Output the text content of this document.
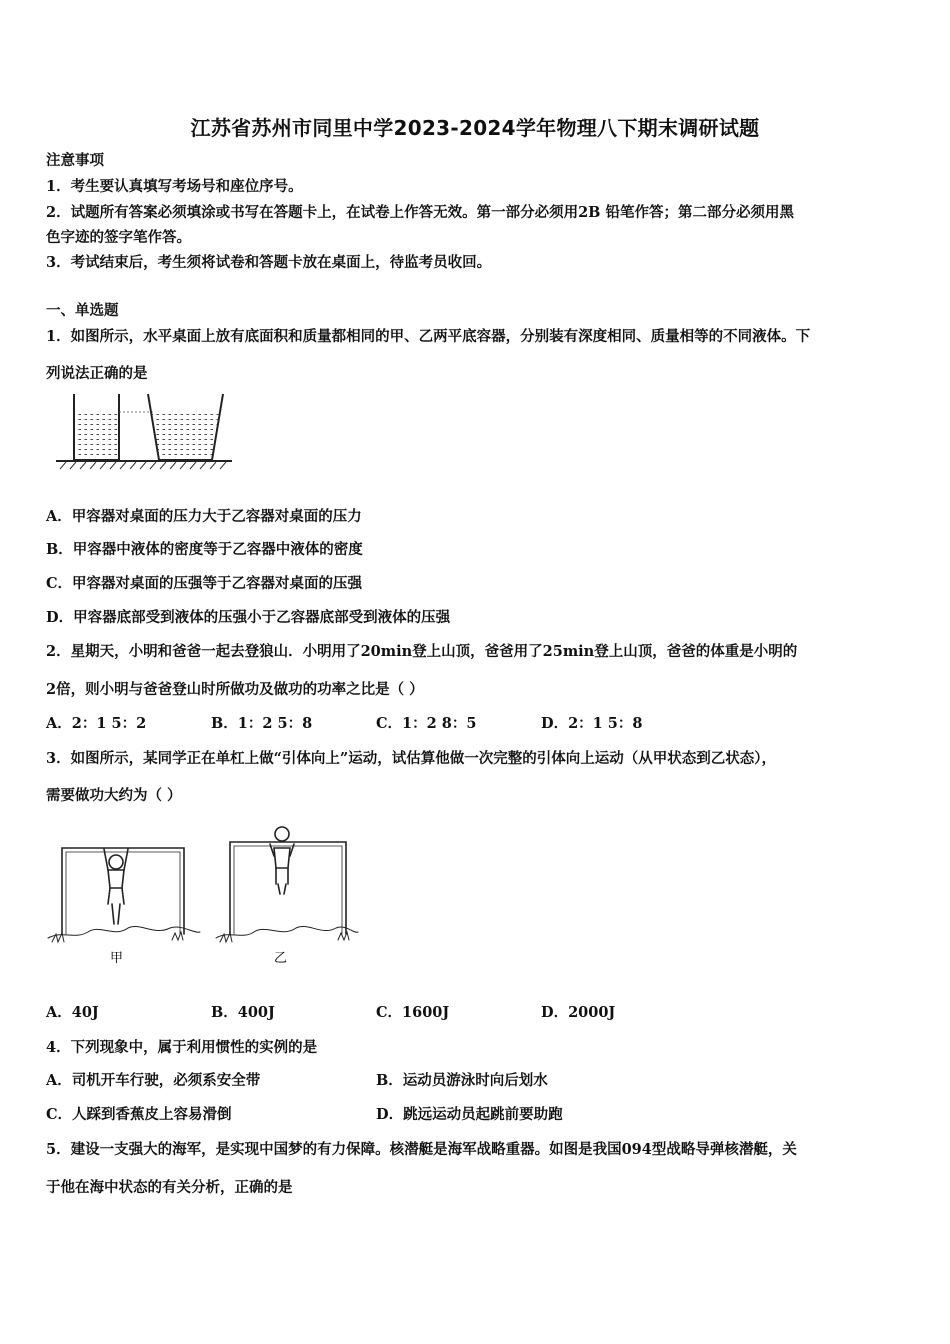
江苏省苏州市同里中学2023-2024学年物理八下期末调研试题
注意事项
1．考生要认真填写考场号和座位序号。
2．试题所有答案必须填涂或书写在答题卡上，在试卷上作答无效。第一部分必须用2B 铅笔作答；第二部分必须用黑
色字迹的签字笔作答。
3．考试结束后，考生须将试卷和答题卡放在桌面上，待监考员收回。
一、单选题
1．如图所示，水平桌面上放有底面积和质量都相同的甲、乙两平底容器，分别装有深度相同、质量相等的不同液体。下
列说法正确的是
A．甲容器对桌面的压力大于乙容器对桌面的压力
B．甲容器中液体的密度等于乙容器中液体的密度
C．甲容器对桌面的压强等于乙容器对桌面的压强
D．甲容器底部受到液体的压强小于乙容器底部受到液体的压强
2．星期天，小明和爸爸一起去登狼山．小明用了20min登上山顶，爸爸用了25min登上山顶，爸爸的体重是小明的
2倍，则小明与爸爸登山时所做功及做功的功率之比是（ ）
A．2：1 5：2	B．1：2 5：8	C．1：2 8：5	D．2：1 5：8
3．如图所示，某同学正在单杠上做“引体向上”运动，试估算他做一次完整的引体向上运动（从甲状态到乙状态），
需要做功大约为（ ）
甲	乙
A．40J	B．400J	C．1600J	D．2000J
4．下列现象中，属于利用惯性的实例的是
A．司机开车行驶，必须系安全带	B．运动员游泳时向后划水
C．人踩到香蕉皮上容易滑倒	D．跳远运动员起跳前要助跑
5．建设一支强大的海军，是实现中国梦的有力保障。核潜艇是海军战略重器。如图是我国094型战略导弹核潜艇，关
于他在海中状态的有关分析，正确的是
